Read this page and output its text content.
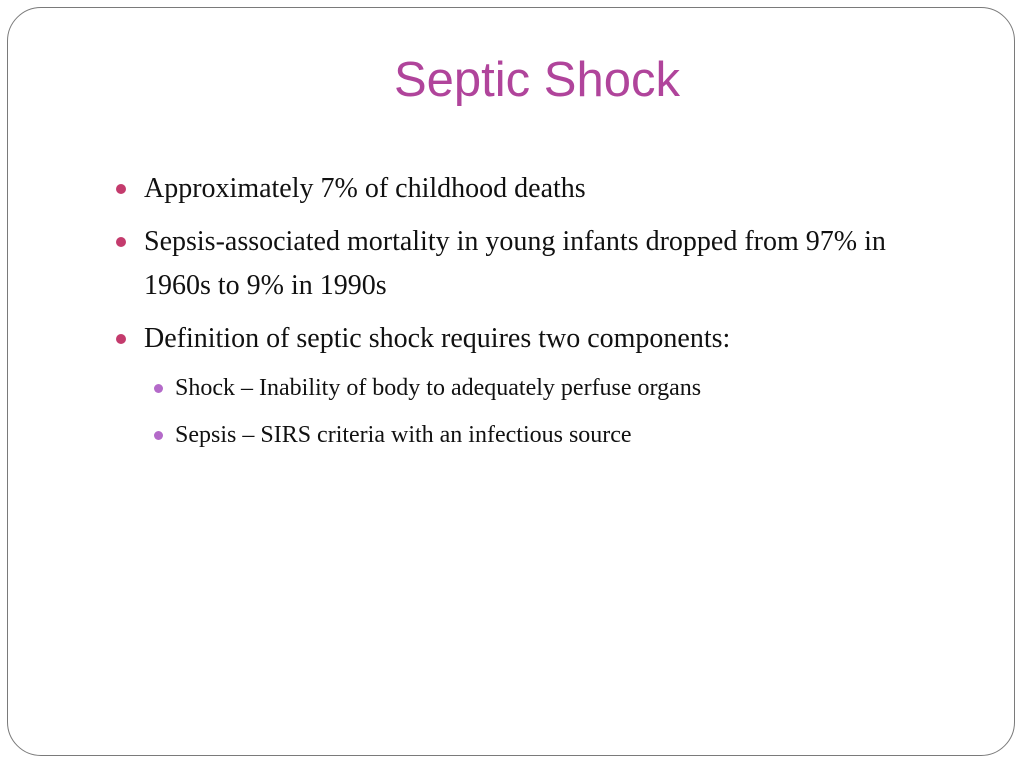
Septic Shock
Approximately 7% of childhood deaths
Sepsis-associated mortality in young infants dropped from 97% in 1960s to 9% in 1990s
Definition of septic shock requires two components:
Shock – Inability of body to adequately perfuse organs
Sepsis – SIRS criteria with an infectious source
